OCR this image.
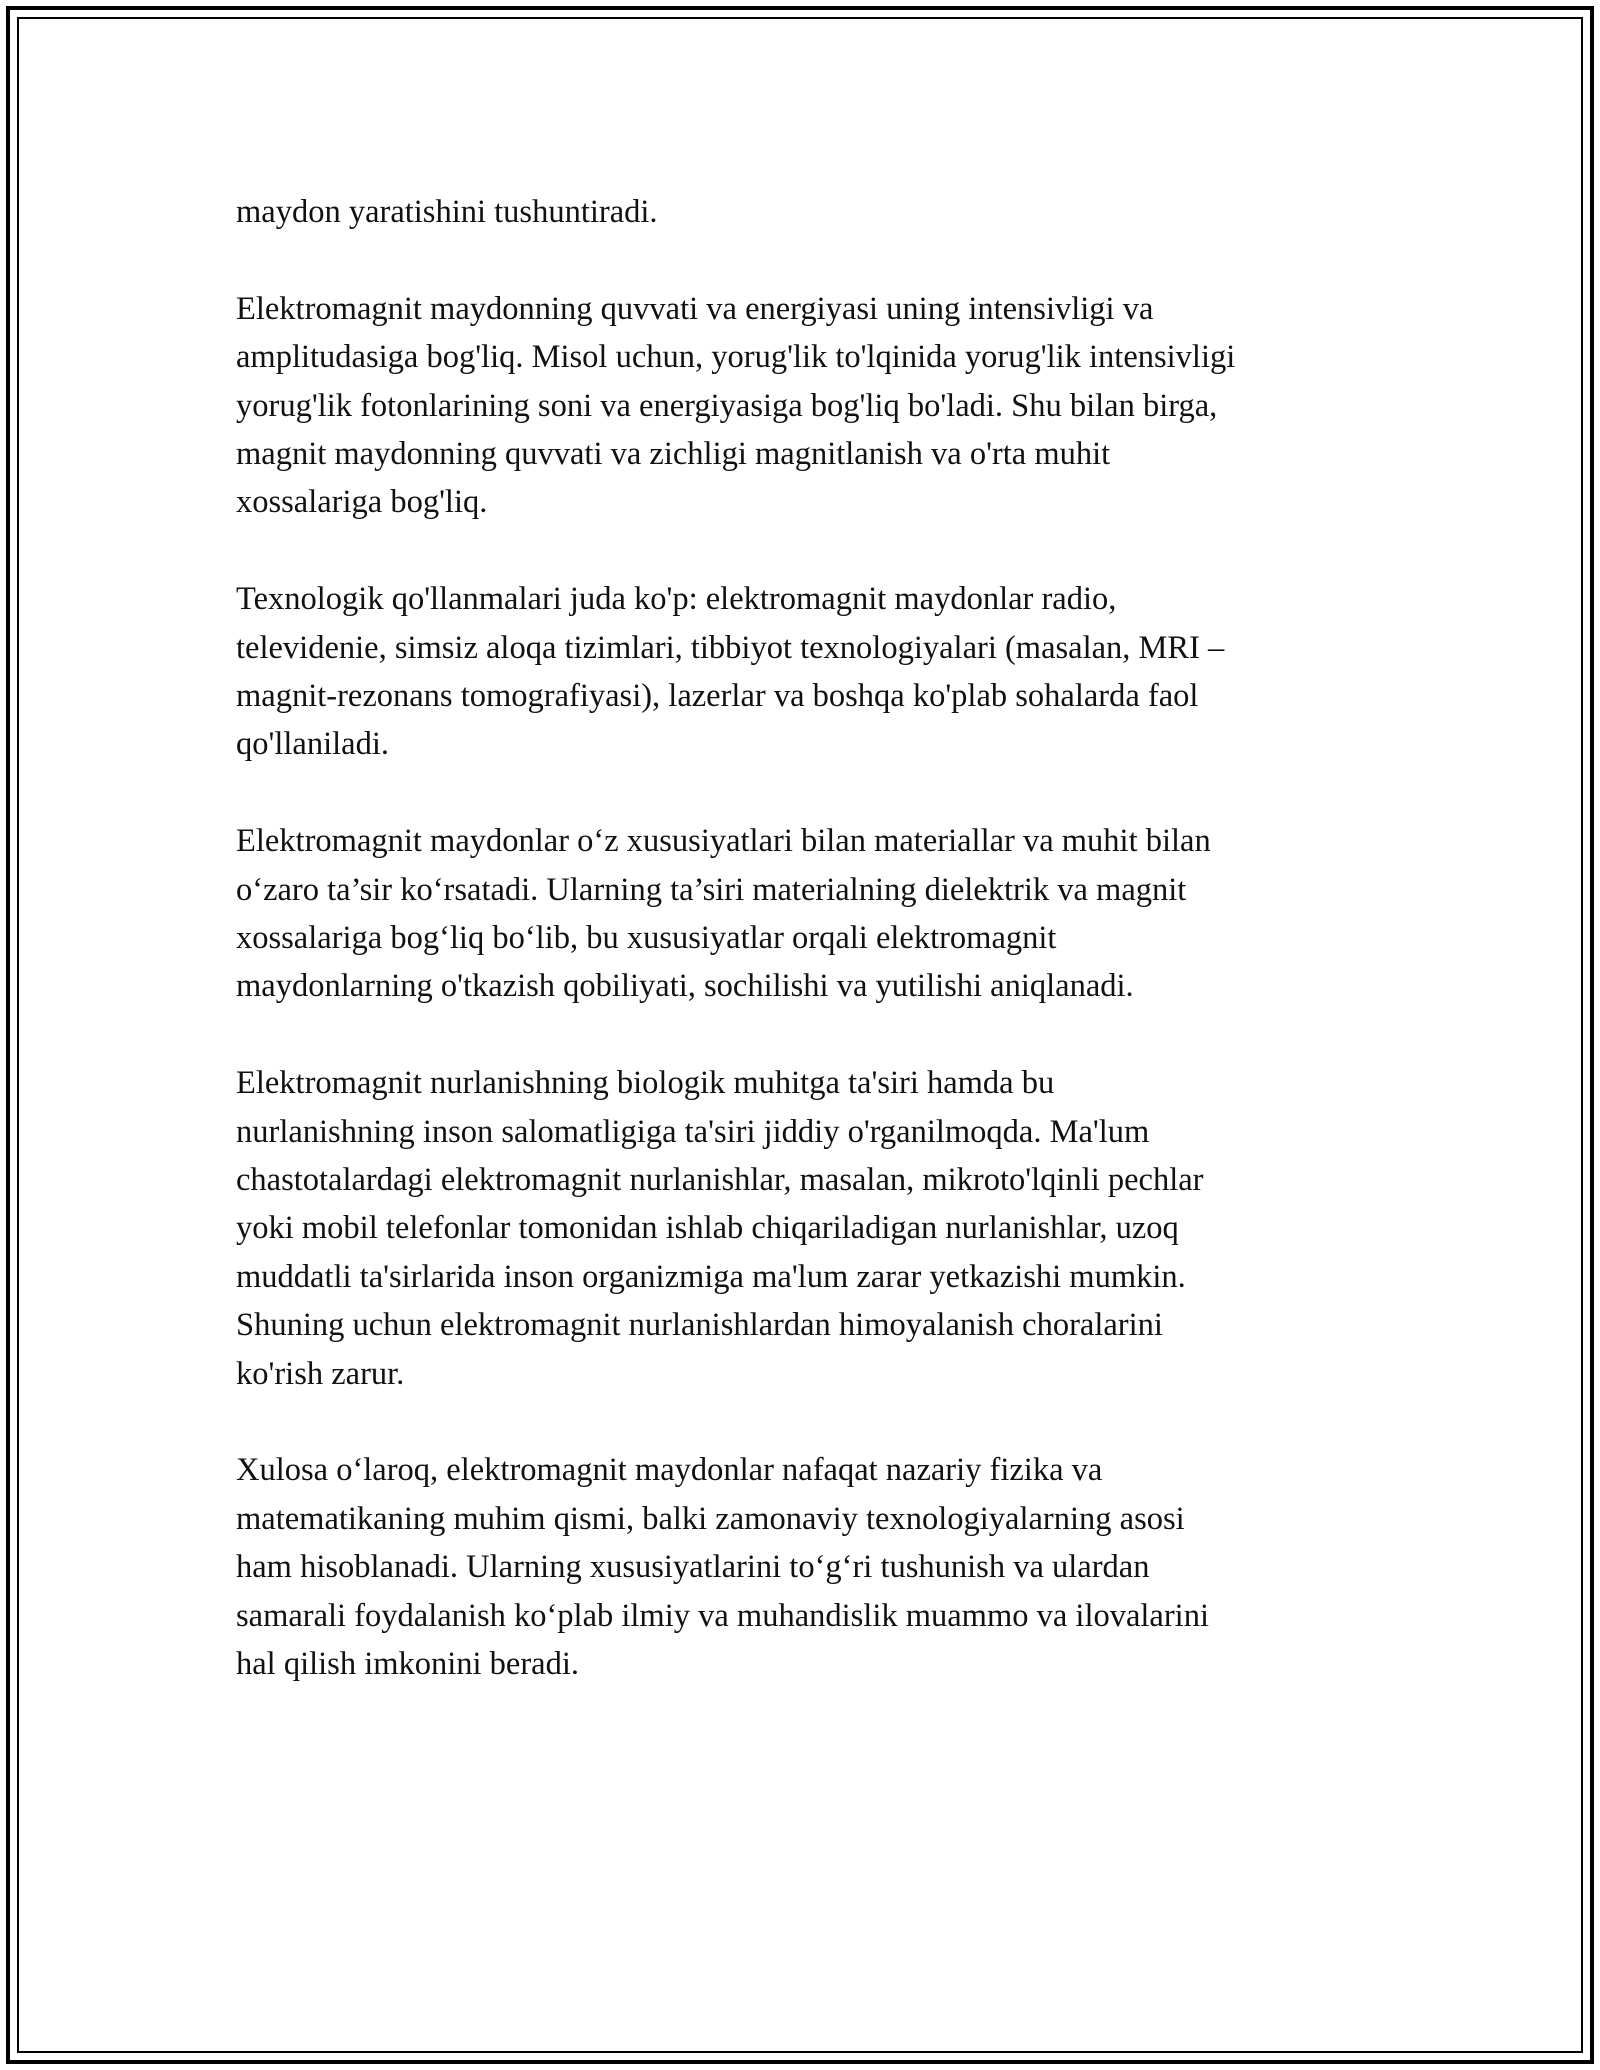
maydon yaratishini tushuntiradi.

Elektromagnit maydonning quvvati va energiyasi uning intensivligi va
amplitudasiga bog'liq. Misol uchun, yorug'lik to'lqinida yorug'lik intensivligi
yorug'lik fotonlarining soni va energiyasiga bog'liq bo'ladi. Shu bilan birga,
magnit maydonning quvvati va zichligi magnitlanish va o'rta muhit
xossalariga bog'liq.

Texnologik qo'llanmalari juda ko'p: elektromagnit maydonlar radio,
televidenie, simsiz aloqa tizimlari, tibbiyot texnologiyalari (masalan, MRI –
magnit-rezonans tomografiyasi), lazerlar va boshqa ko'plab sohalarda faol
qo'llaniladi.

Elektromagnit maydonlar o‘z xususiyatlari bilan materiallar va muhit bilan
o‘zaro ta’sir ko‘rsatadi. Ularning ta’siri materialning dielektrik va magnit
xossalariga bog‘liq bo‘lib, bu xususiyatlar orqali elektromagnit
maydonlarning o'tkazish qobiliyati, sochilishi va yutilishi aniqlanadi.

Elektromagnit nurlanishning biologik muhitga ta'siri hamda bu
nurlanishning inson salomatligiga ta'siri jiddiy o'rganilmoqda. Ma'lum
chastotalardagi elektromagnit nurlanishlar, masalan, mikroto'lqinli pechlar
yoki mobil telefonlar tomonidan ishlab chiqariladigan nurlanishlar, uzoq
muddatli ta'sirlarida inson organizmiga ma'lum zarar yetkazishi mumkin.
Shuning uchun elektromagnit nurlanishlardan himoyalanish choralarini
ko'rish zarur.

Xulosa o‘laroq, elektromagnit maydonlar nafaqat nazariy fizika va
matematikaning muhim qismi, balki zamonaviy texnologiyalarning asosi
ham hisoblanadi. Ularning xususiyatlarini to‘g‘ri tushunish va ulardan
samarali foydalanish ko‘plab ilmiy va muhandislik muammo va ilovalarini
hal qilish imkonini beradi.
